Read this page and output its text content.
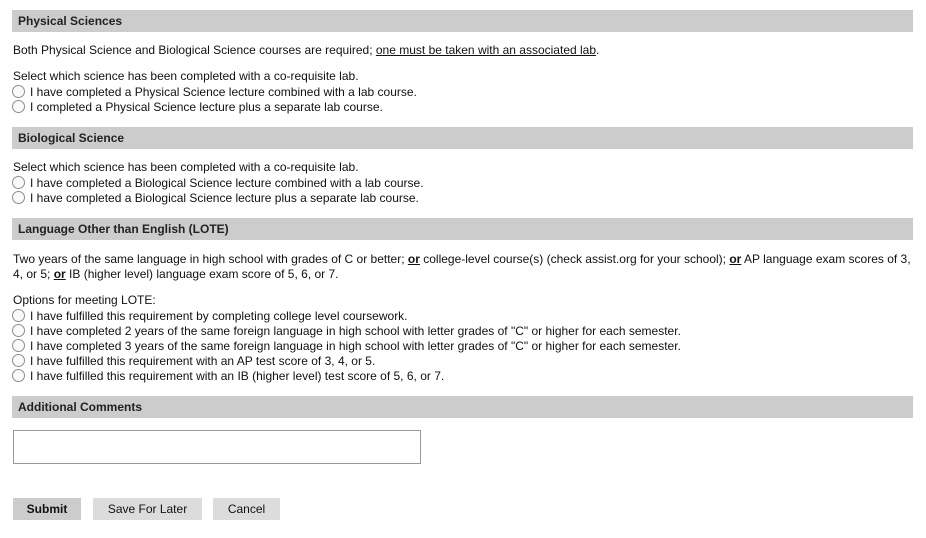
Physical Sciences
Both Physical Science and Biological Science courses are required; one must be taken with an associated lab.
Select which science has been completed with a co-requisite lab.
I have completed a Physical Science lecture combined with a lab course.
I completed a Physical Science lecture plus a separate lab course.
Biological Science
Select which science has been completed with a co-requisite lab.
I have completed a Biological Science lecture combined with a lab course.
I have completed a Biological Science lecture plus a separate lab course.
Language Other than English (LOTE)
Two years of the same language in high school with grades of C or better; or college-level course(s) (check assist.org for your school); or AP language exam scores of 3, 4, or 5; or IB (higher level) language exam score of 5, 6, or 7.
Options for meeting LOTE:
I have fulfilled this requirement by completing college level coursework.
I have completed 2 years of the same foreign language in high school with letter grades of "C" or higher for each semester.
I have completed 3 years of the same foreign language in high school with letter grades of "C" or higher for each semester.
I have fulfilled this requirement with an AP test score of 3, 4, or 5.
I have fulfilled this requirement with an IB (higher level) test score of 5, 6, or 7.
Additional Comments
Submit	Save For Later	Cancel
